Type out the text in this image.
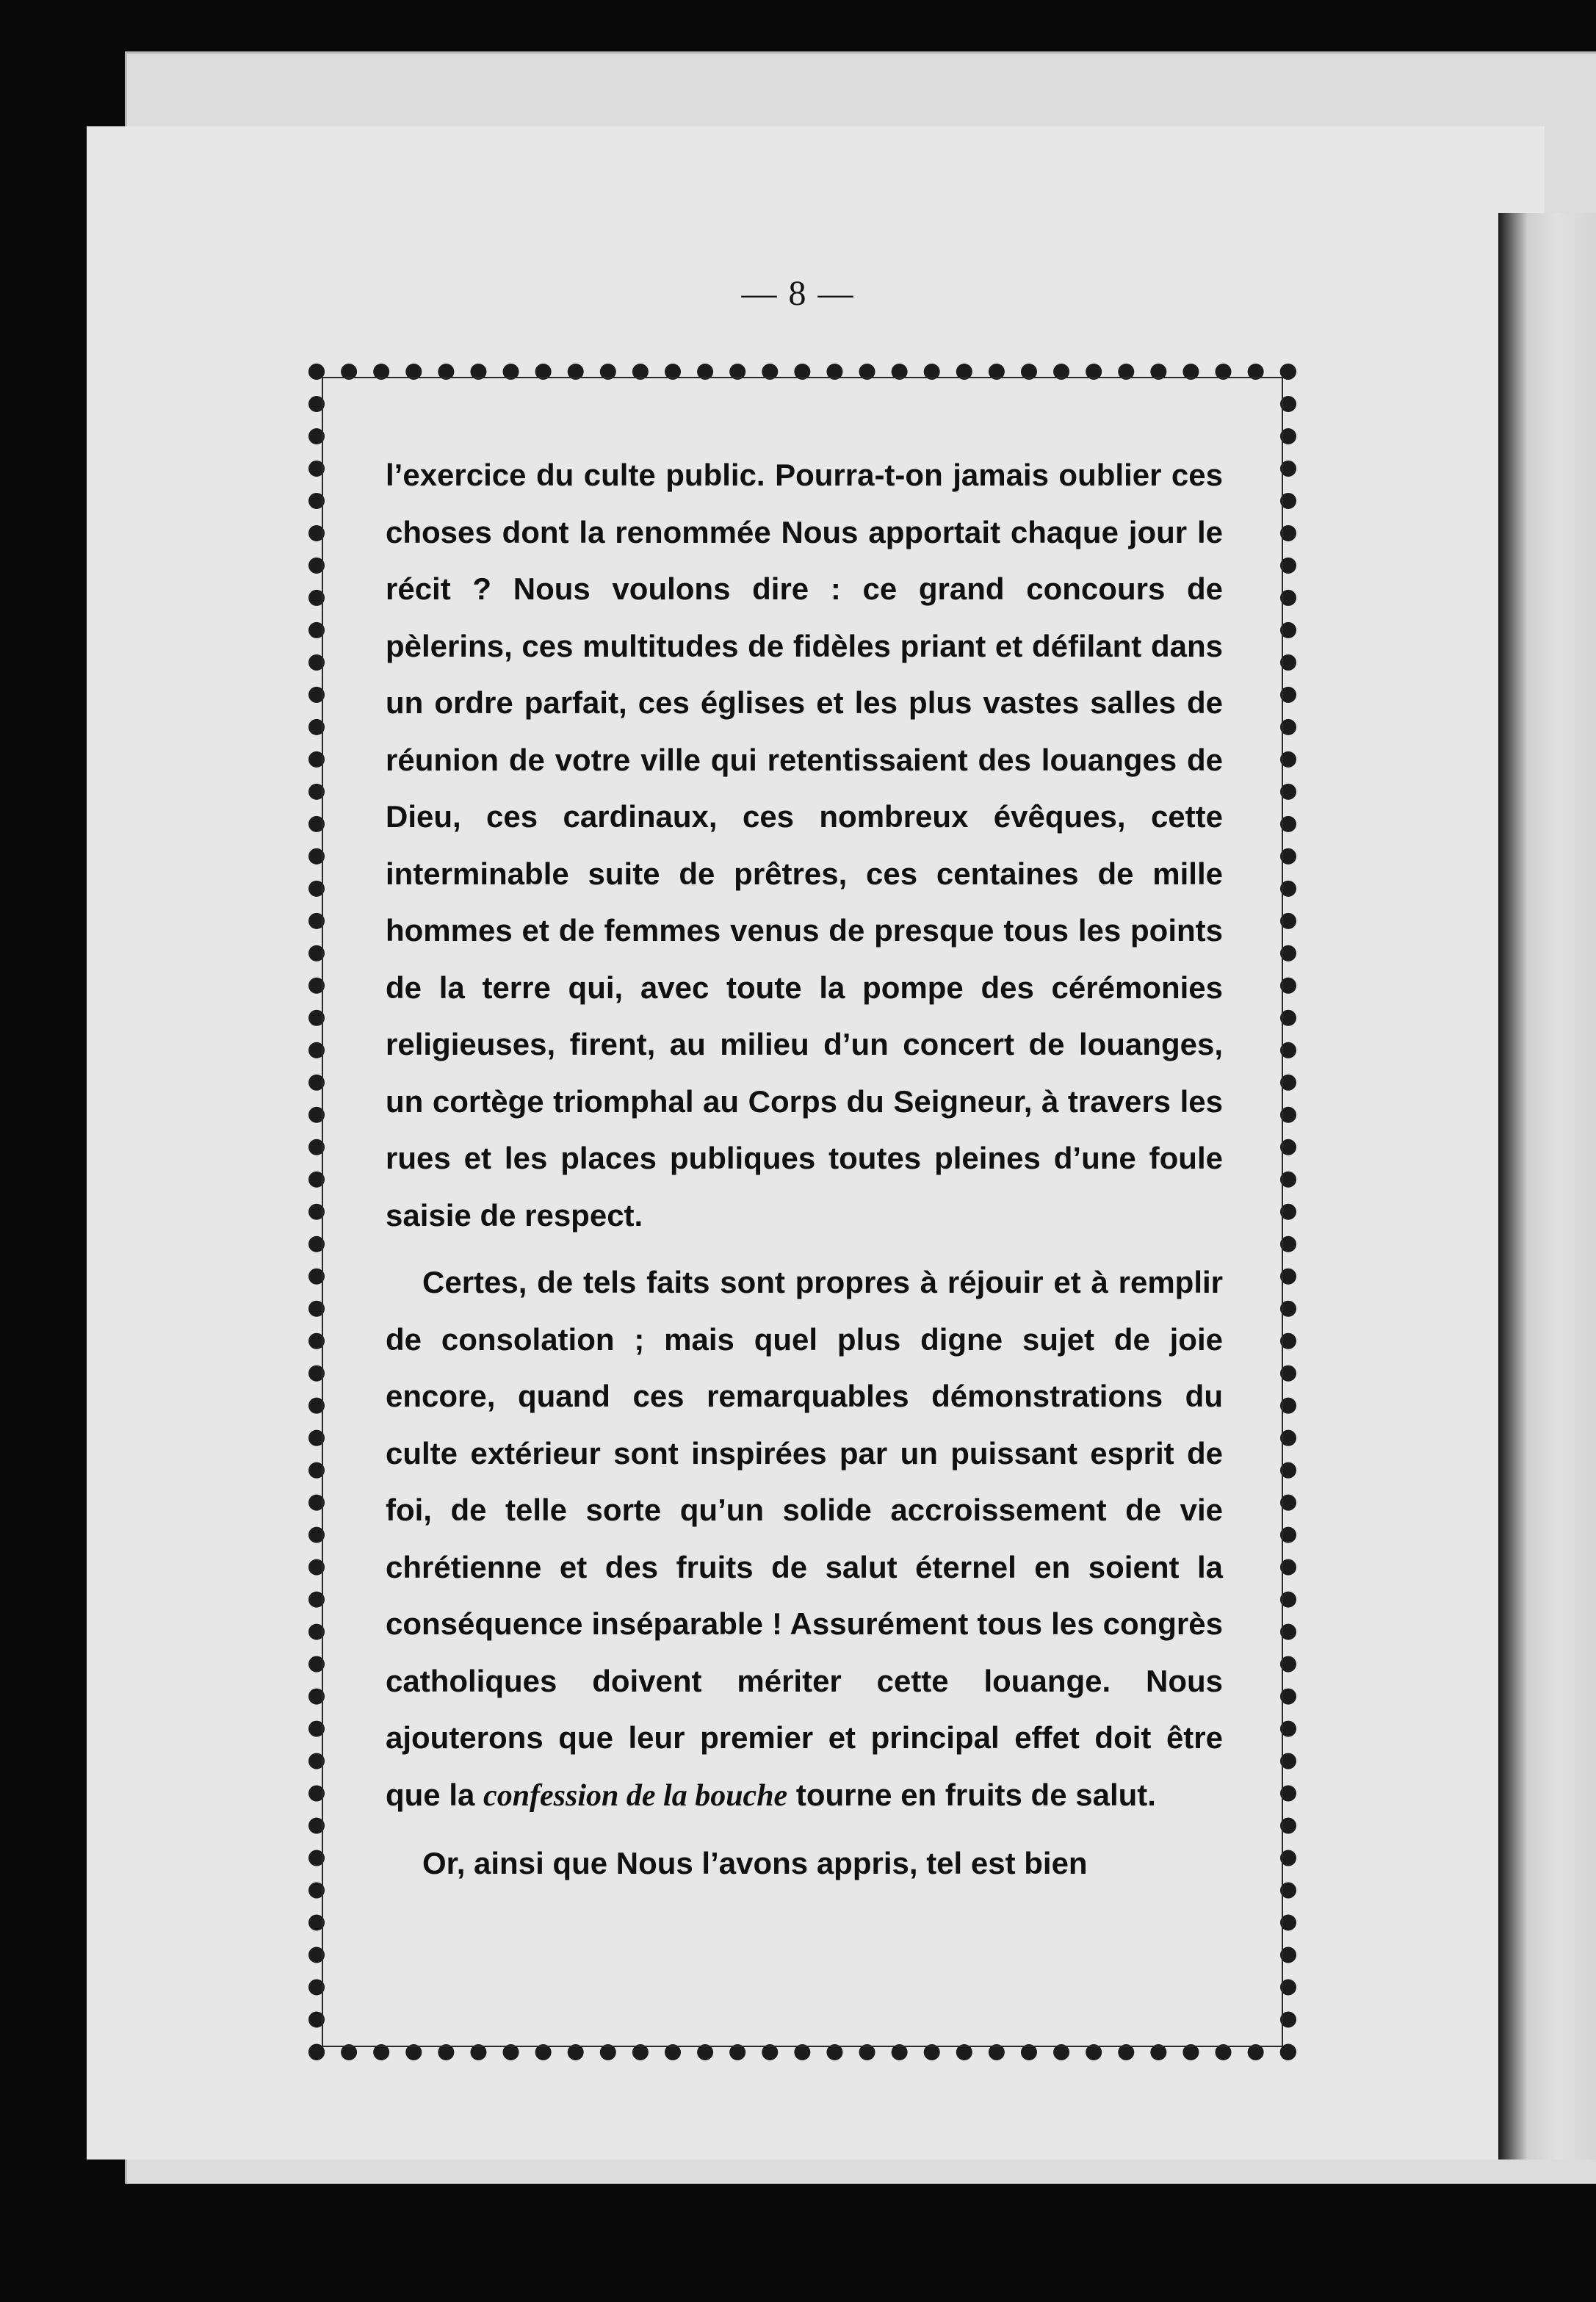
— 8 —

l’exercice du culte public. Pourra-t-on jamais oublier ces choses dont la renommée Nous apportait chaque jour le récit ? Nous voulons dire : ce grand concours de pèlerins, ces multitudes de fidèles priant et défilant dans un ordre parfait, ces églises et les plus vastes salles de réunion de votre ville qui retentissaient des louanges de Dieu, ces cardinaux, ces nombreux évêques, cette interminable suite de prêtres, ces centaines de mille hommes et de femmes venus de presque tous les points de la terre qui, avec toute la pompe des cérémonies religieuses, firent, au milieu d’un concert de louanges, un cortège triomphal au Corps du Seigneur, à travers les rues et les places publiques toutes pleines d’une foule saisie de respect.

Certes, de tels faits sont propres à réjouir et à remplir de consolation ; mais quel plus digne sujet de joie encore, quand ces remarquables démonstrations du culte extérieur sont inspirées par un puissant esprit de foi, de telle sorte qu’un solide accroissement de vie chrétienne et des fruits de salut éternel en soient la conséquence inséparable ! Assurément tous les congrès catholiques doivent mériter cette louange. Nous ajouterons que leur premier et principal effet doit être que la confession de la bouche tourne en fruits de salut.

Or, ainsi que Nous l’avons appris, tel est bien
